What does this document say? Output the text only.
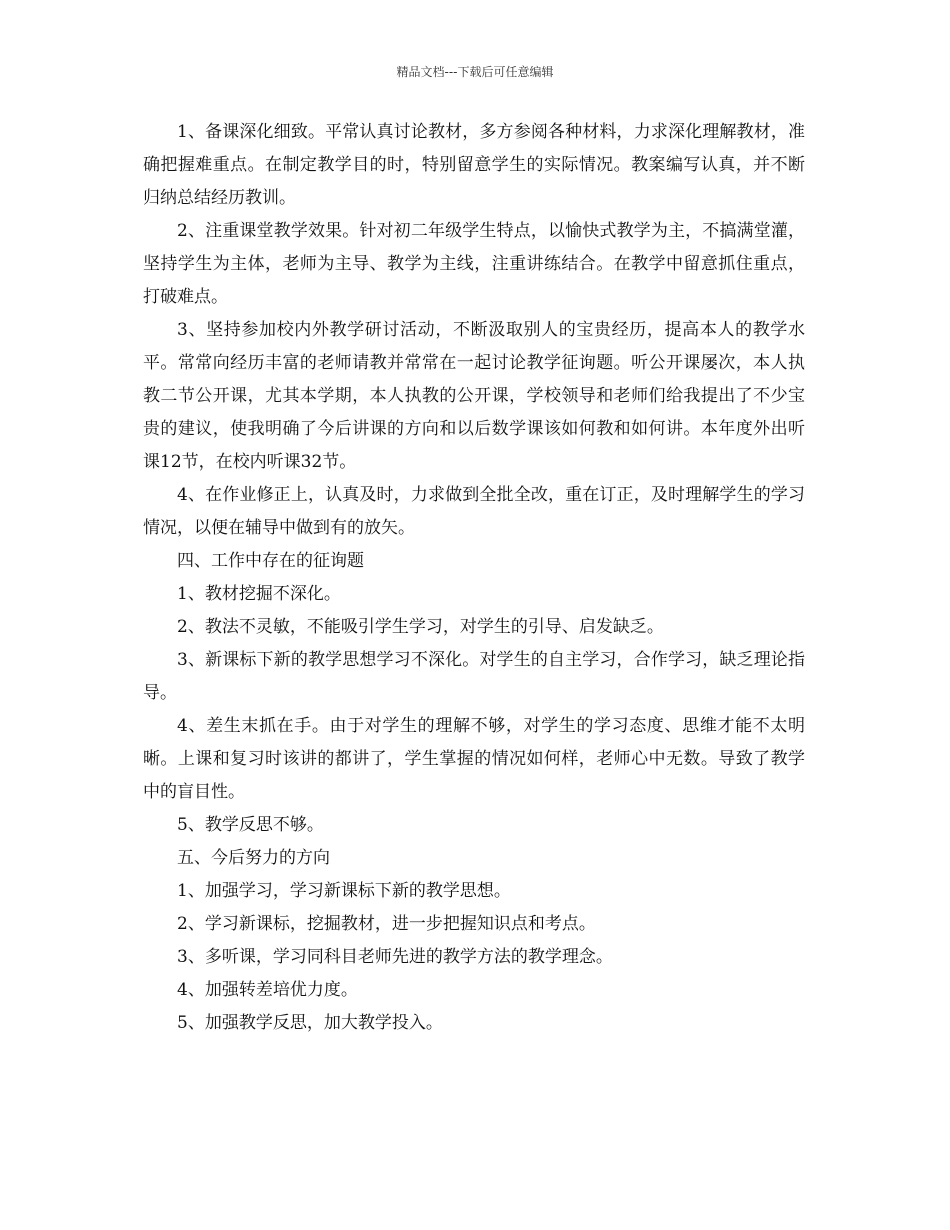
精品文档---下载后可任意编辑

1、备课深化细致。平常认真讨论教材，多方参阅各种材料，力求深化理解教材，准确把握难重点。在制定教学目的时，特别留意学生的实际情况。教案编写认真，并不断归纳总结经历教训。

2、注重课堂教学效果。针对初二年级学生特点，以愉快式教学为主，不搞满堂灌，坚持学生为主体，老师为主导、教学为主线，注重讲练结合。在教学中留意抓住重点，打破难点。

3、坚持参加校内外教学研讨活动，不断汲取别人的宝贵经历，提高本人的教学水平。常常向经历丰富的老师请教并常常在一起讨论教学征询题。听公开课屡次，本人执教二节公开课，尤其本学期，本人执教的公开课，学校领导和老师们给我提出了不少宝贵的建议，使我明确了今后讲课的方向和以后数学课该如何教和如何讲。本年度外出听课12节，在校内听课32节。

4、在作业修正上，认真及时，力求做到全批全改，重在订正，及时理解学生的学习情况，以便在辅导中做到有的放矢。

四、工作中存在的征询题

1、教材挖掘不深化。

2、教法不灵敏，不能吸引学生学习，对学生的引导、启发缺乏。

3、新课标下新的教学思想学习不深化。对学生的自主学习，合作学习，缺乏理论指导。

4、差生末抓在手。由于对学生的理解不够，对学生的学习态度、思维才能不太明晰。上课和复习时该讲的都讲了，学生掌握的情况如何样，老师心中无数。导致了教学中的盲目性。

5、教学反思不够。

五、今后努力的方向

1、加强学习，学习新课标下新的教学思想。

2、学习新课标，挖掘教材，进一步把握知识点和考点。

3、多听课，学习同科目老师先进的教学方法的教学理念。

4、加强转差培优力度。

5、加强教学反思，加大教学投入。
